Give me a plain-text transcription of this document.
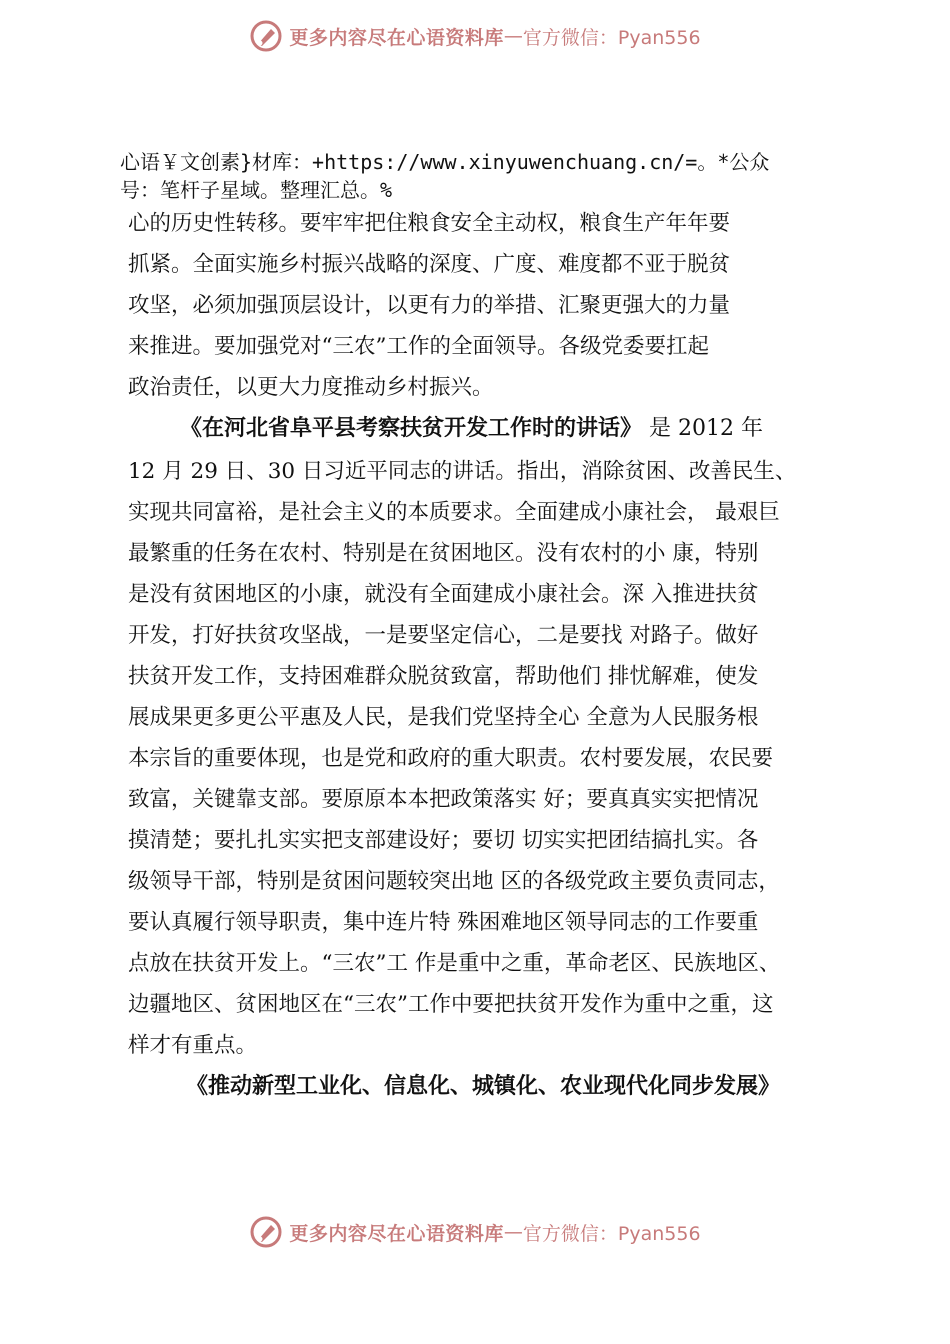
更多内容尽在心语资料库 — 官方微信：Pyan556
心语￥文创素}材库：+https://www.xinyuwenchuang.cn/=。*公众
号：笔杆子星域。整理汇总。%
心的历史性转移。要牢牢把住粮食安全主动权，粮食生产年年要
抓紧。全面实施乡村振兴战略的深度、广度、难度都不亚于脱贫
攻坚，必须加强顶层设计，以更有力的举措、汇聚更强大的力量
来推进。要加强党对“三农”工作的全面领导。各级党委要扛起
政治责任，以更大力度推动乡村振兴。
《在河北省阜平县考察扶贫开发工作时的讲话》 是 2012 年
12 月 29 日、30 日习近平同志的讲话。指出，消除贫困、改善民生、
实现共同富裕，是社会主义的本质要求。全面建成小康社会， 最艰巨
最繁重的任务在农村、特别是在贫困地区。没有农村的小 康，特别
是没有贫困地区的小康，就没有全面建成小康社会。深 入推进扶贫
开发，打好扶贫攻坚战，一是要坚定信心，二是要找 对路子。做好
扶贫开发工作，支持困难群众脱贫致富，帮助他们 排忧解难，使发
展成果更多更公平惠及人民，是我们党坚持全心 全意为人民服务根
本宗旨的重要体现，也是党和政府的重大职责。农村要发展，农民要
致富，关键靠支部。要原原本本把政策落实 好；要真真实实把情况
摸清楚；要扎扎实实把支部建设好；要切 切实实把团结搞扎实。各
级领导干部，特别是贫困问题较突出地 区的各级党政主要负责同志，
要认真履行领导职责，集中连片特 殊困难地区领导同志的工作要重
点放在扶贫开发上。“三农”工 作是重中之重，革命老区、民族地区、
边疆地区、贫困地区在“三农”工作中要把扶贫开发作为重中之重，这
样才有重点。
《推动新型工业化、信息化、城镇化、农业现代化同步发展》
更多内容尽在心语资料库 — 官方微信：Pyan556
